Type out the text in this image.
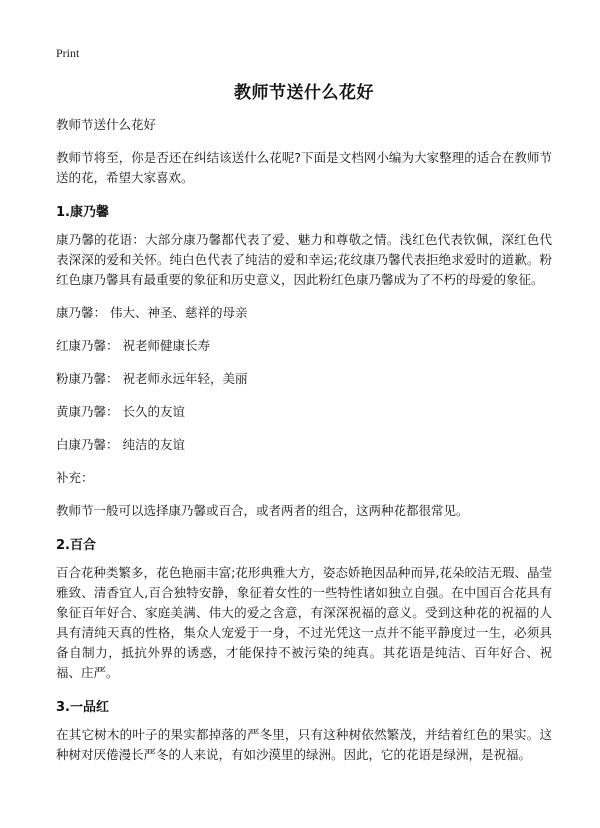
Print
教师节送什么花好

教师节送什么花好

教师节将至，你是否还在纠结该送什么花呢?下面是文档网小编为大家整理的适合在教师节送的花，希望大家喜欢。

1.康乃馨

康乃馨的花语：大部分康乃馨都代表了爱、魅力和尊敬之情。浅红色代表钦佩，深红色代表深深的爱和关怀。纯白色代表了纯洁的爱和幸运;花纹康乃馨代表拒绝求爱时的道歉。粉红色康乃馨具有最重要的象征和历史意义，因此粉红色康乃馨成为了不朽的母爱的象征。

康乃馨： 伟大、神圣、慈祥的母亲
红康乃馨： 祝老师健康长寿
粉康乃馨： 祝老师永远年轻，美丽
黄康乃馨： 长久的友谊
白康乃馨： 纯洁的友谊

补充：

教师节一般可以选择康乃馨或百合，或者两者的组合，这两种花都很常见。

2.百合

百合花种类繁多，花色艳丽丰富;花形典雅大方，姿态娇艳因品种而异,花朵皎洁无瑕、晶莹雅致、清香宜人,百合独特安静，象征着女性的一些特性诸如独立自强。在中国百合花具有象征百年好合、家庭美满、伟大的爱之含意，有深深祝福的意义。受到这种花的祝福的人具有清纯天真的性格，集众人宠爱于一身，不过光凭这一点并不能平静度过一生，必须具备自制力，抵抗外界的诱惑，才能保持不被污染的纯真。其花语是纯洁、百年好合、祝福、庄严。

3.一品红

在其它树木的叶子的果实都掉落的严冬里，只有这种树依然繁茂，并结着红色的果实。这种树对厌倦漫长严冬的人来说，有如沙漠里的绿洲。因此，它的花语是绿洲，是祝福。
